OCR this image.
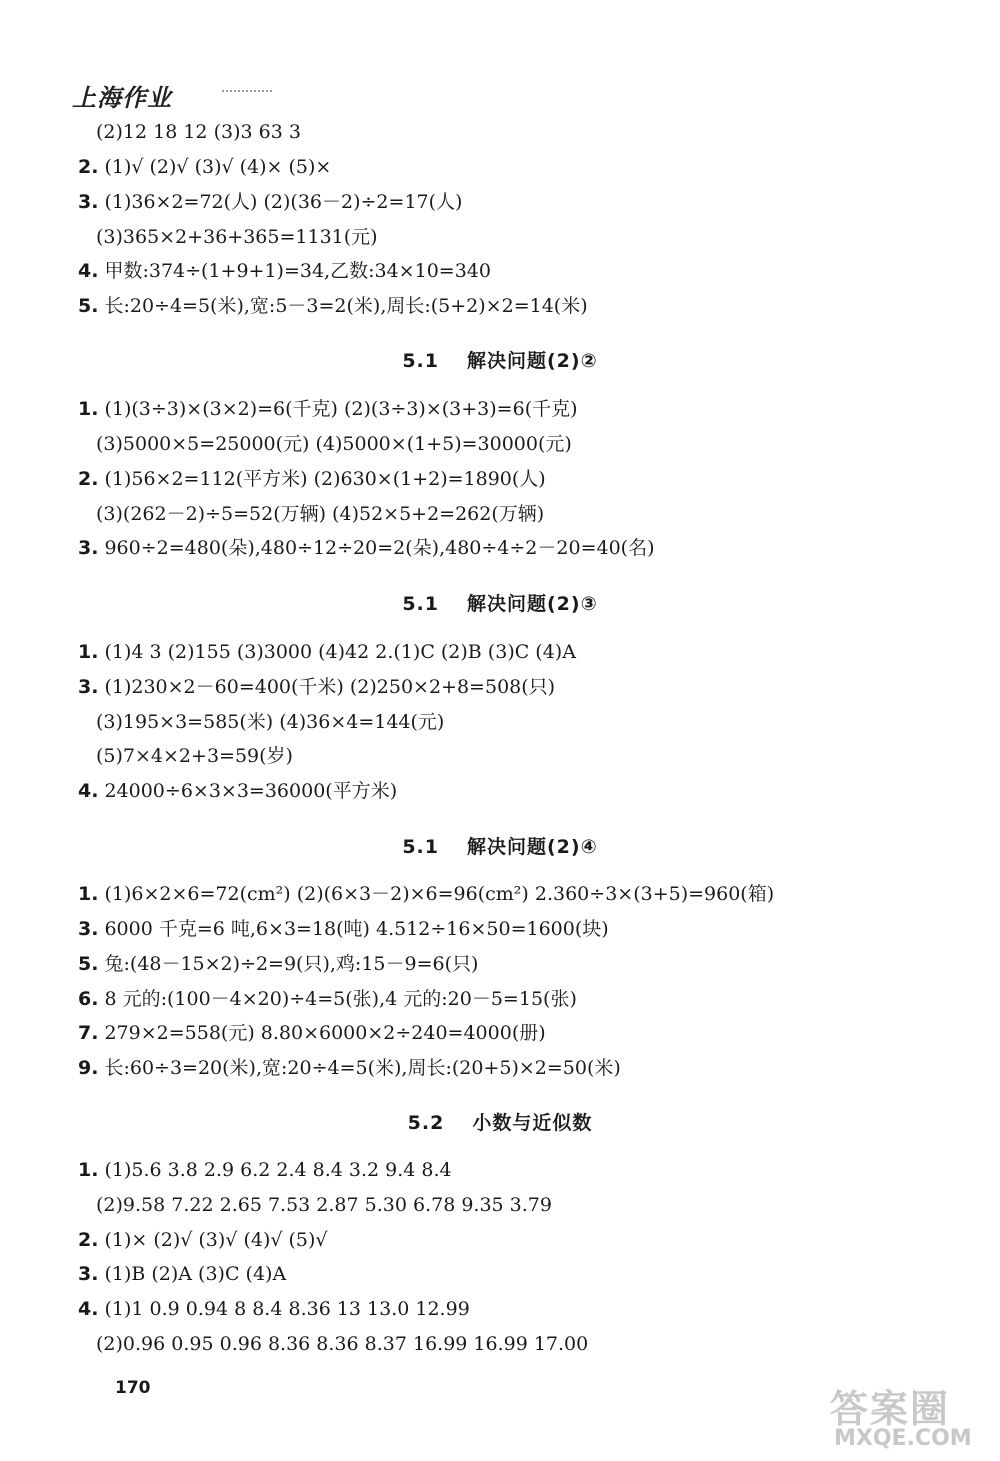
上海作业
(2)12 18 12 (3)3 63 3
2. (1)√ (2)√ (3)√ (4)× (5)×
3. (1)36×2=72(人) (2)(36－2)÷2=17(人)
(3)365×2+36+365=1131(元)
4. 甲数:374÷(1+9+1)=34,乙数:34×10=340
5. 长:20÷4=5(米),宽:5－3=2(米),周长:(5+2)×2=14(米)
5.1 解决问题(2)②
1. (1)(3÷3)×(3×2)=6(千克) (2)(3÷3)×(3+3)=6(千克)
(3)5000×5=25000(元) (4)5000×(1+5)=30000(元)
2. (1)56×2=112(平方米) (2)630×(1+2)=1890(人)
(3)(262－2)÷5=52(万辆) (4)52×5+2=262(万辆)
3. 960÷2=480(朵),480÷12÷20=2(朵),480÷4÷2－20=40(名)
5.1 解决问题(2)③
1. (1)4 3 (2)155 (3)3000 (4)42 2.(1)C (2)B (3)C (4)A
3. (1)230×2－60=400(千米) (2)250×2+8=508(只)
(3)195×3=585(米) (4)36×4=144(元)
(5)7×4×2+3=59(岁)
4. 24000÷6×3×3=36000(平方米)
5.1 解决问题(2)④
1. (1)6×2×6=72(cm²) (2)(6×3－2)×6=96(cm²) 2.360÷3×(3+5)=960(箱)
3. 6000 千克=6 吨,6×3=18(吨) 4.512÷16×50=1600(块)
5. 兔:(48－15×2)÷2=9(只),鸡:15－9=6(只)
6. 8 元的:(100－4×20)÷4=5(张),4 元的:20－5=15(张)
7. 279×2=558(元) 8.80×6000×2÷240=4000(册)
9. 长:60÷3=20(米),宽:20÷4=5(米),周长:(20+5)×2=50(米)
5.2 小数与近似数
1. (1)5.6 3.8 2.9 6.2 2.4 8.4 3.2 9.4 8.4
(2)9.58 7.22 2.65 7.53 2.87 5.30 6.78 9.35 3.79
2. (1)× (2)√ (3)√ (4)√ (5)√
3. (1)B (2)A (3)C (4)A
4. (1)1 0.9 0.94 8 8.4 8.36 13 13.0 12.99
(2)0.96 0.95 0.96 8.36 8.36 8.37 16.99 16.99 17.00
170	答案圈
MXQE.COM
